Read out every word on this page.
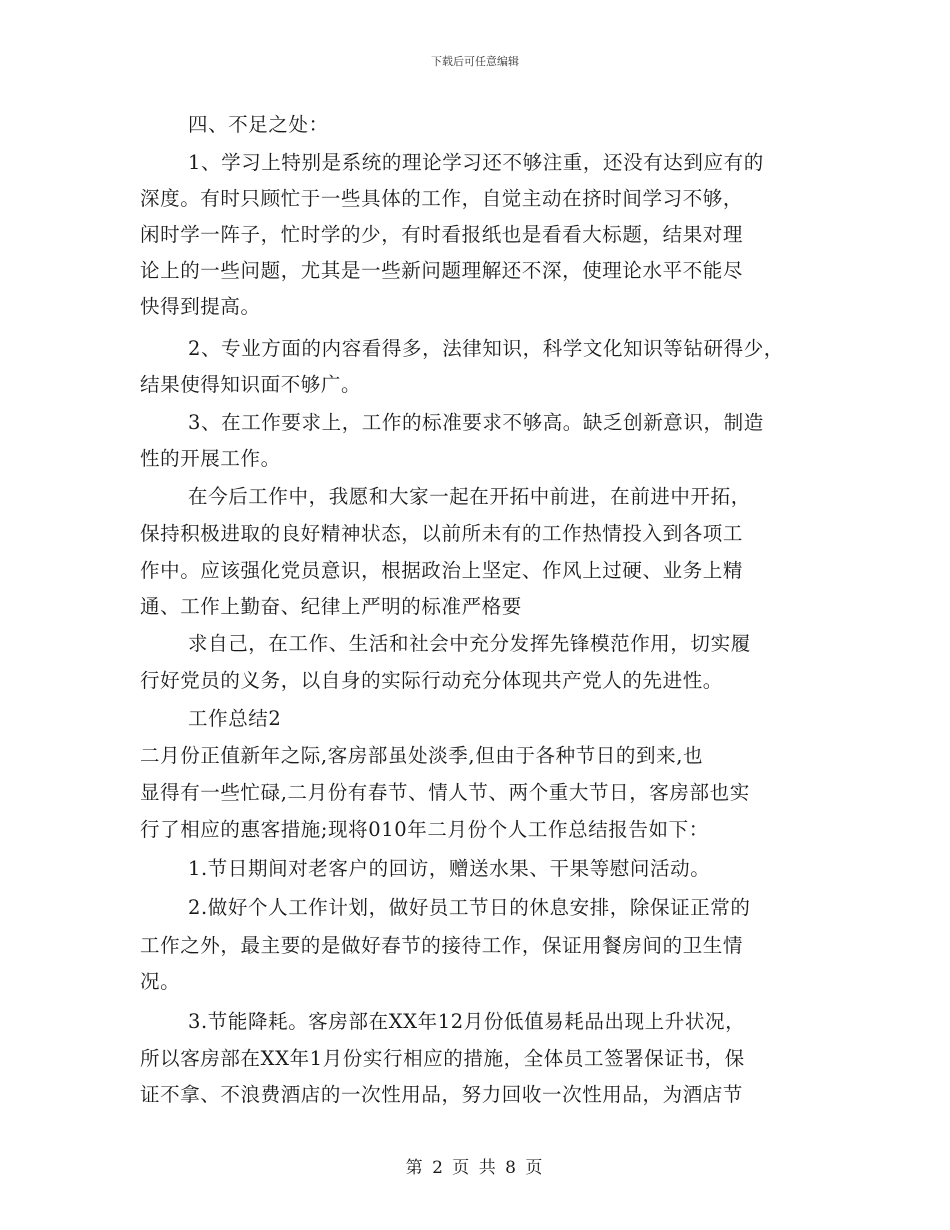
下载后可任意编辑
四、不足之处：
1、学习上特别是系统的理论学习还不够注重，还没有达到应有的
深度。有时只顾忙于一些具体的工作，自觉主动在挤时间学习不够，
闲时学一阵子，忙时学的少，有时看报纸也是看看大标题，结果对理
论上的一些问题，尤其是一些新问题理解还不深，使理论水平不能尽
快得到提高。
2、专业方面的内容看得多，法律知识，科学文化知识等钻研得少，
结果使得知识面不够广。
3、在工作要求上，工作的标准要求不够高。缺乏创新意识，制造
性的开展工作。
在今后工作中，我愿和大家一起在开拓中前进，在前进中开拓，
保持积极进取的良好精神状态，以前所未有的工作热情投入到各项工
作中。应该强化党员意识，根据政治上坚定、作风上过硬、业务上精
通、工作上勤奋、纪律上严明的标准严格要
求自己，在工作、生活和社会中充分发挥先锋模范作用，切实履
行好党员的义务，以自身的实际行动充分体现共产党人的先进性。
工作总结2
二月份正值新年之际,客房部虽处淡季,但由于各种节日的到来,也
显得有一些忙碌,二月份有春节、情人节、两个重大节日，客房部也实
行了相应的惠客措施;现将010年二月份个人工作总结报告如下：
1.节日期间对老客户的回访，赠送水果、干果等慰问活动。
2.做好个人工作计划，做好员工节日的休息安排，除保证正常的
工作之外，最主要的是做好春节的接待工作，保证用餐房间的卫生情
况。
3.节能降耗。客房部在XX年12月份低值易耗品出现上升状况，
所以客房部在XX年1月份实行相应的措施，全体员工签署保证书，保
证不拿、不浪费酒店的一次性用品，努力回收一次性用品，为酒店节
第 2 页 共 8 页
